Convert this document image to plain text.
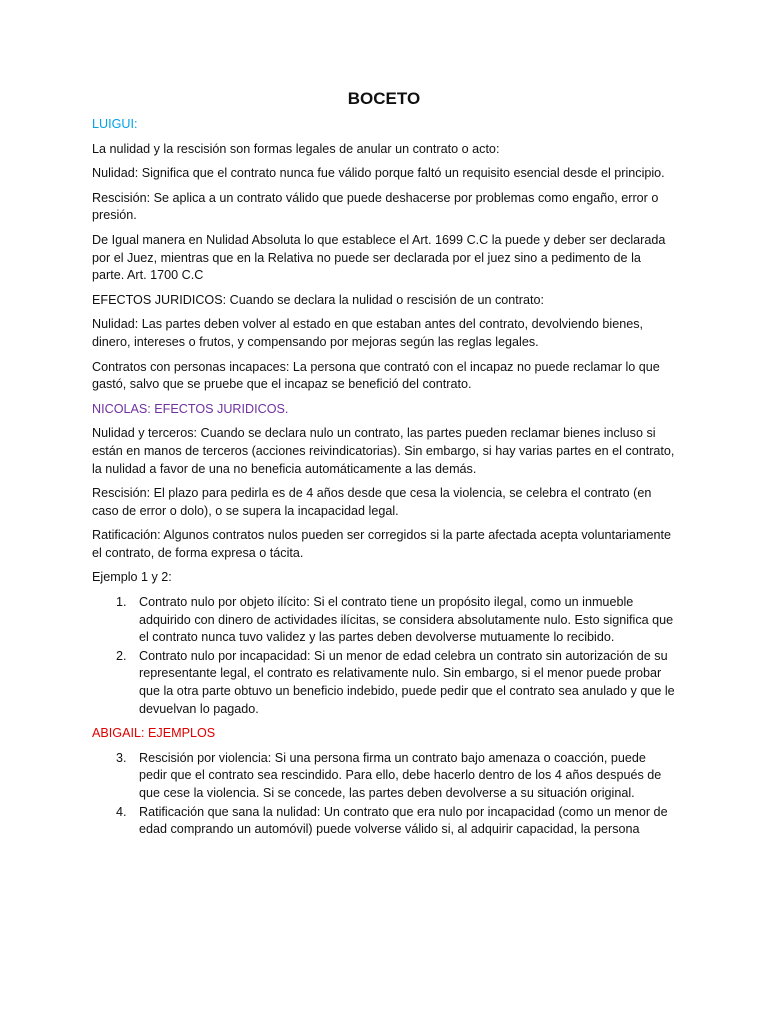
BOCETO
LUIGUI:
La nulidad y la rescisión son formas legales de anular un contrato o acto:
Nulidad: Significa que el contrato nunca fue válido porque faltó un requisito esencial desde el principio.
Rescisión: Se aplica a un contrato válido que puede deshacerse por problemas como engaño, error o presión.
De Igual manera en Nulidad Absoluta lo que establece el Art. 1699 C.C la puede y deber ser declarada por el Juez, mientras que en la Relativa no puede ser declarada por el juez sino a pedimento de la parte. Art. 1700 C.C
EFECTOS JURIDICOS: Cuando se declara la nulidad o rescisión de un contrato:
Nulidad: Las partes deben volver al estado en que estaban antes del contrato, devolviendo bienes, dinero, intereses o frutos, y compensando por mejoras según las reglas legales.
Contratos con personas incapaces: La persona que contrató con el incapaz no puede reclamar lo que gastó, salvo que se pruebe que el incapaz se benefició del contrato.
NICOLAS: EFECTOS JURIDICOS.
Nulidad y terceros: Cuando se declara nulo un contrato, las partes pueden reclamar bienes incluso si están en manos de terceros (acciones reivindicatorias). Sin embargo, si hay varias partes en el contrato, la nulidad a favor de una no beneficia automáticamente a las demás.
Rescisión: El plazo para pedirla es de 4 años desde que cesa la violencia, se celebra el contrato (en caso de error o dolo), o se supera la incapacidad legal.
Ratificación: Algunos contratos nulos pueden ser corregidos si la parte afectada acepta voluntariamente el contrato, de forma expresa o tácita.
Ejemplo 1 y 2:
1. Contrato nulo por objeto ilícito: Si el contrato tiene un propósito ilegal, como un inmueble adquirido con dinero de actividades ilícitas, se considera absolutamente nulo. Esto significa que el contrato nunca tuvo validez y las partes deben devolverse mutuamente lo recibido.
2. Contrato nulo por incapacidad: Si un menor de edad celebra un contrato sin autorización de su representante legal, el contrato es relativamente nulo. Sin embargo, si el menor puede probar que la otra parte obtuvo un beneficio indebido, puede pedir que el contrato sea anulado y que le devuelvan lo pagado.
ABIGAIL: EJEMPLOS
3. Rescisión por violencia: Si una persona firma un contrato bajo amenaza o coacción, puede pedir que el contrato sea rescindido. Para ello, debe hacerlo dentro de los 4 años después de que cese la violencia. Si se concede, las partes deben devolverse a su situación original.
4. Ratificación que sana la nulidad: Un contrato que era nulo por incapacidad (como un menor de edad comprando un automóvil) puede volverse válido si, al adquirir capacidad, la persona
